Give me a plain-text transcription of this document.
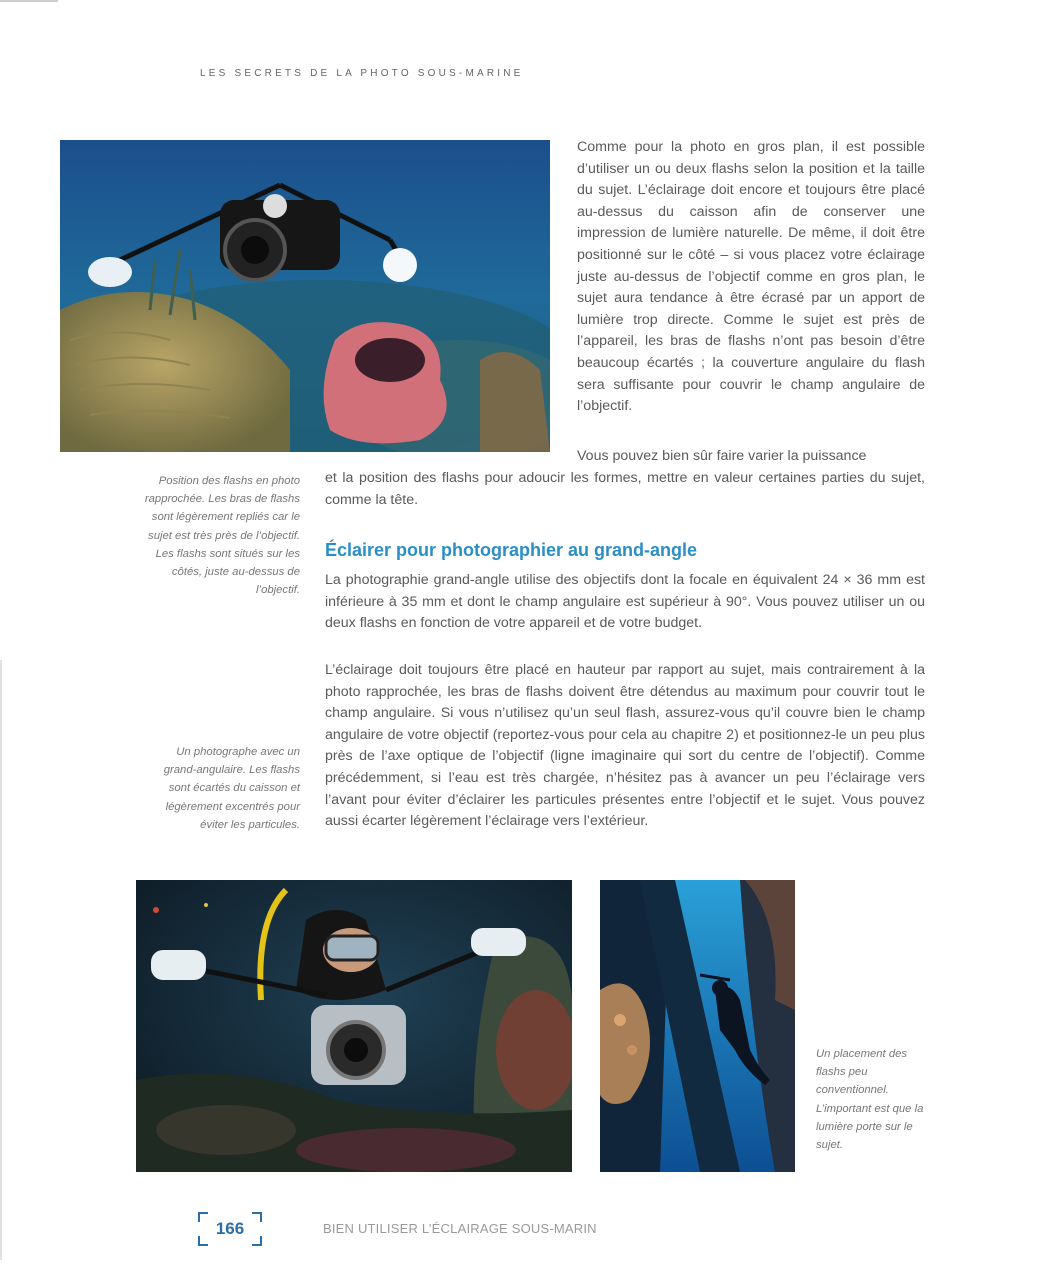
LES SECRETS DE LA PHOTO SOUS-MARINE

Comme pour la photo en gros plan, il est possible d’utiliser un ou deux flashs selon la position et la taille du sujet. L’éclairage doit encore et toujours être placé au-dessus du caisson afin de conserver une impression de lumière naturelle. De même, il doit être positionné sur le côté – si vous placez votre éclairage juste au-dessus de l’objectif comme en gros plan, le sujet aura tendance à être écrasé par un apport de lumière trop directe. Comme le sujet est près de l’appareil, les bras de flashs n’ont pas besoin d’être beaucoup écartés ; la couverture angulaire du flash sera suffisante pour couvrir le champ angulaire de l’objectif.

Vous pouvez bien sûr faire varier la puissance

et la position des flashs pour adoucir les formes, mettre en valeur certaines parties du sujet, comme la tête.

Position des flashs en photo rapprochée. Les bras de flashs sont légèrement repliés car le sujet est très près de l’objectif. Les flashs sont situés sur les côtés, juste au-dessus de l’objectif.

Éclairer pour photographier au grand-angle

La photographie grand-angle utilise des objectifs dont la focale en équivalent 24 × 36 mm est inférieure à 35 mm et dont le champ angulaire est supérieur à 90°. Vous pouvez utiliser un ou deux flashs en fonction de votre appareil et de votre budget.

L’éclairage doit toujours être placé en hauteur par rapport au sujet, mais contrairement à la photo rapprochée, les bras de flashs doivent être détendus au maximum pour couvrir tout le champ angulaire. Si vous n’utilisez qu’un seul flash, assurez-vous qu’il couvre bien le champ angulaire de votre objectif (reportez-vous pour cela au chapitre 2) et positionnez-le un peu plus près de l’axe optique de l’objectif (ligne imaginaire qui sort du centre de l’objectif). Comme précédemment, si l’eau est très chargée, n’hésitez pas à avancer un peu l’éclairage vers l’avant pour éviter d’éclairer les particules présentes entre l’objectif et le sujet. Vous pouvez aussi écarter légèrement l’éclairage vers l’extérieur.

Un photographe avec un grand-angulaire. Les flashs sont écartés du caisson et légèrement excentrés pour éviter les particules.

Un placement des flashs peu conventionnel. L’important est que la lumière porte sur le sujet.

166	BIEN UTILISER L’ÉCLAIRAGE SOUS-MARIN
